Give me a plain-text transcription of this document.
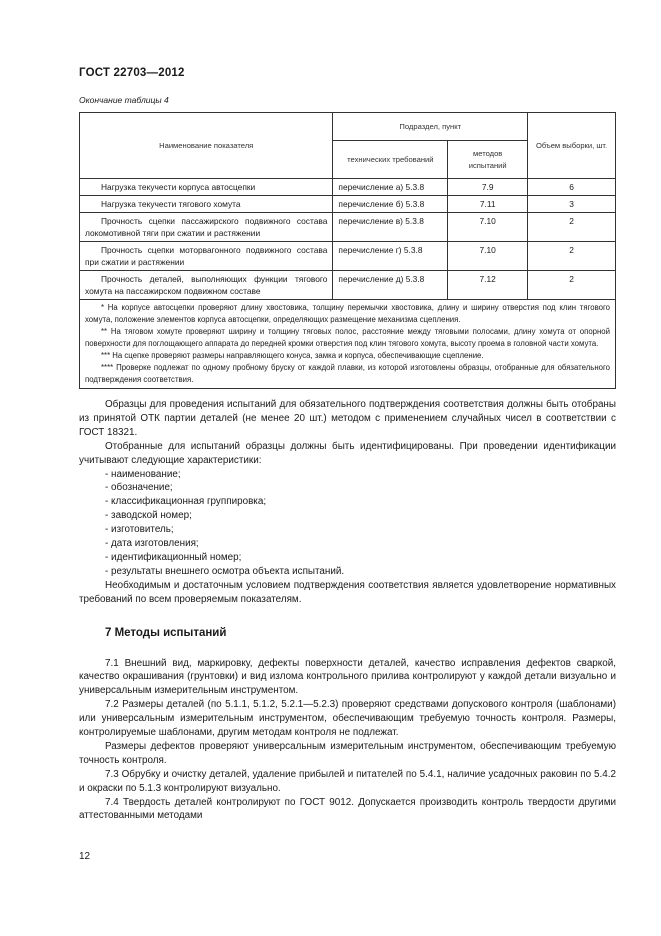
ГОСТ 22703—2012
Окончание таблицы 4
Наименование показателя	Подраздел, пункт		Объем выборки, шт.
	технических требований	методов испытаний	
Нагрузка текучести корпуса автосцепки	перечисление а) 5.3.8	7.9	6
Нагрузка текучести тягового хомута	перечисление б) 5.3.8	7.11	3
Прочность сцепки пассажирского подвижного состава локомотивной тяги при сжатии и растяжении	перечисление в) 5.3.8	7.10	2
Прочность сцепки моторвагонного подвижного состава при сжатии и растяжении	перечисление г) 5.3.8	7.10	2
Прочность деталей, выполняющих функции тягового хомута на пассажирском подвижном составе	перечисление д) 5.3.8	7.12	2

* На корпусе автосцепки проверяют длину хвостовика, толщину перемычки хвостовика, длину и ширину отверстия под клин тягового хомута, положение элементов корпуса автосцепки, определяющих размещение механизма сцепления.

** На тяговом хомуте проверяют ширину и толщину тяговых полос, расстояние между тяговыми полосами, длину хомута от опорной поверхности для поглощающего аппарата до передней кромки отверстия под клин тягового хомута, высоту проема в головной части хомута.

*** На сцепке проверяют размеры направляющего конуса, замка и корпуса, обеспечивающие сцепление.

**** Проверке подлежат по одному пробному бруску от каждой плавки, из которой изготовлены образцы, отобранные для обязательного подтверждения соответствия.			

Образцы для проведения испытаний для обязательного подтверждения соответствия должны быть отобраны из принятой ОТК партии деталей (не менее 20 шт.) методом с применением случайных чисел в соответствии с ГОСТ 18321.

Отобранные для испытаний образцы должны быть идентифицированы. При проведении идентификации учитывают следующие характеристики:

- наименование;
- обозначение;
- классификационная группировка;
- заводской номер;
- изготовитель;
- дата изготовления;
- идентификационный номер;
- результаты внешнего осмотра объекта испытаний.

Необходимым и достаточным условием подтверждения соответствия является удовлетворение нормативных требований по всем проверяемым показателям.

7 Методы испытаний

7.1 Внешний вид, маркировку, дефекты поверхности деталей, качество исправления дефектов сваркой, качество окрашивания (грунтовки) и вид излома контрольного прилива контролируют у каждой детали визуально и универсальным измерительным инструментом.

7.2 Размеры деталей (по 5.1.1, 5.1.2, 5.2.1—5.2.3) проверяют средствами допускового контроля (шаблонами) или универсальным измерительным инструментом, обеспечивающим требуемую точность контроля. Размеры, контролируемые шаблонами, другим методам контроля не подлежат.

Размеры дефектов проверяют универсальным измерительным инструментом, обеспечивающим требуемую точность контроля.

7.3 Обрубку и очистку деталей, удаление прибылей и питателей по 5.4.1, наличие усадочных раковин по 5.4.2 и окраски по 5.1.3 контролируют визуально.

7.4 Твердость деталей контролируют по ГОСТ 9012. Допускается производить контроль твердости другими аттестованными методами

12
